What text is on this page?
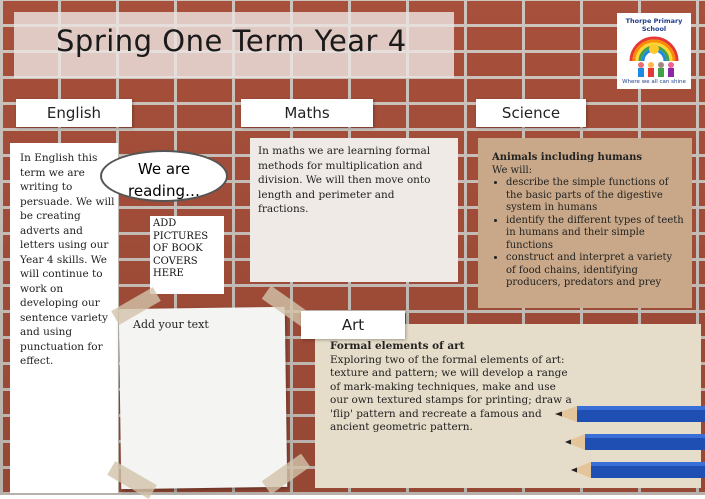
Spring One Term Year 4
Thorpe Primary School
Where we all can shine
English
In English this term we are writing to persuade. We will be creating adverts and letters using our Year 4 skills. We will continue to work on developing our sentence variety and using punctuation for effect.
We are
reading…
ADD PICTURES OF BOOK COVERS HERE
Add your text
Maths
In maths we are learning formal methods for multiplication and division. We will then move onto length and perimeter and fractions.
Science
Animals including humans
We will:
• describe the simple functions of the basic parts of the digestive system in humans
• identify the different types of teeth in humans and their simple functions
• construct and interpret a variety of food chains, identifying producers, predators and prey
Art
Formal elements of art
Exploring two of the formal elements of art: texture and pattern; we will develop a range of mark-making techniques, make and use our own textured stamps for printing; draw a 'flip' pattern and recreate a famous and ancient geometric pattern.
